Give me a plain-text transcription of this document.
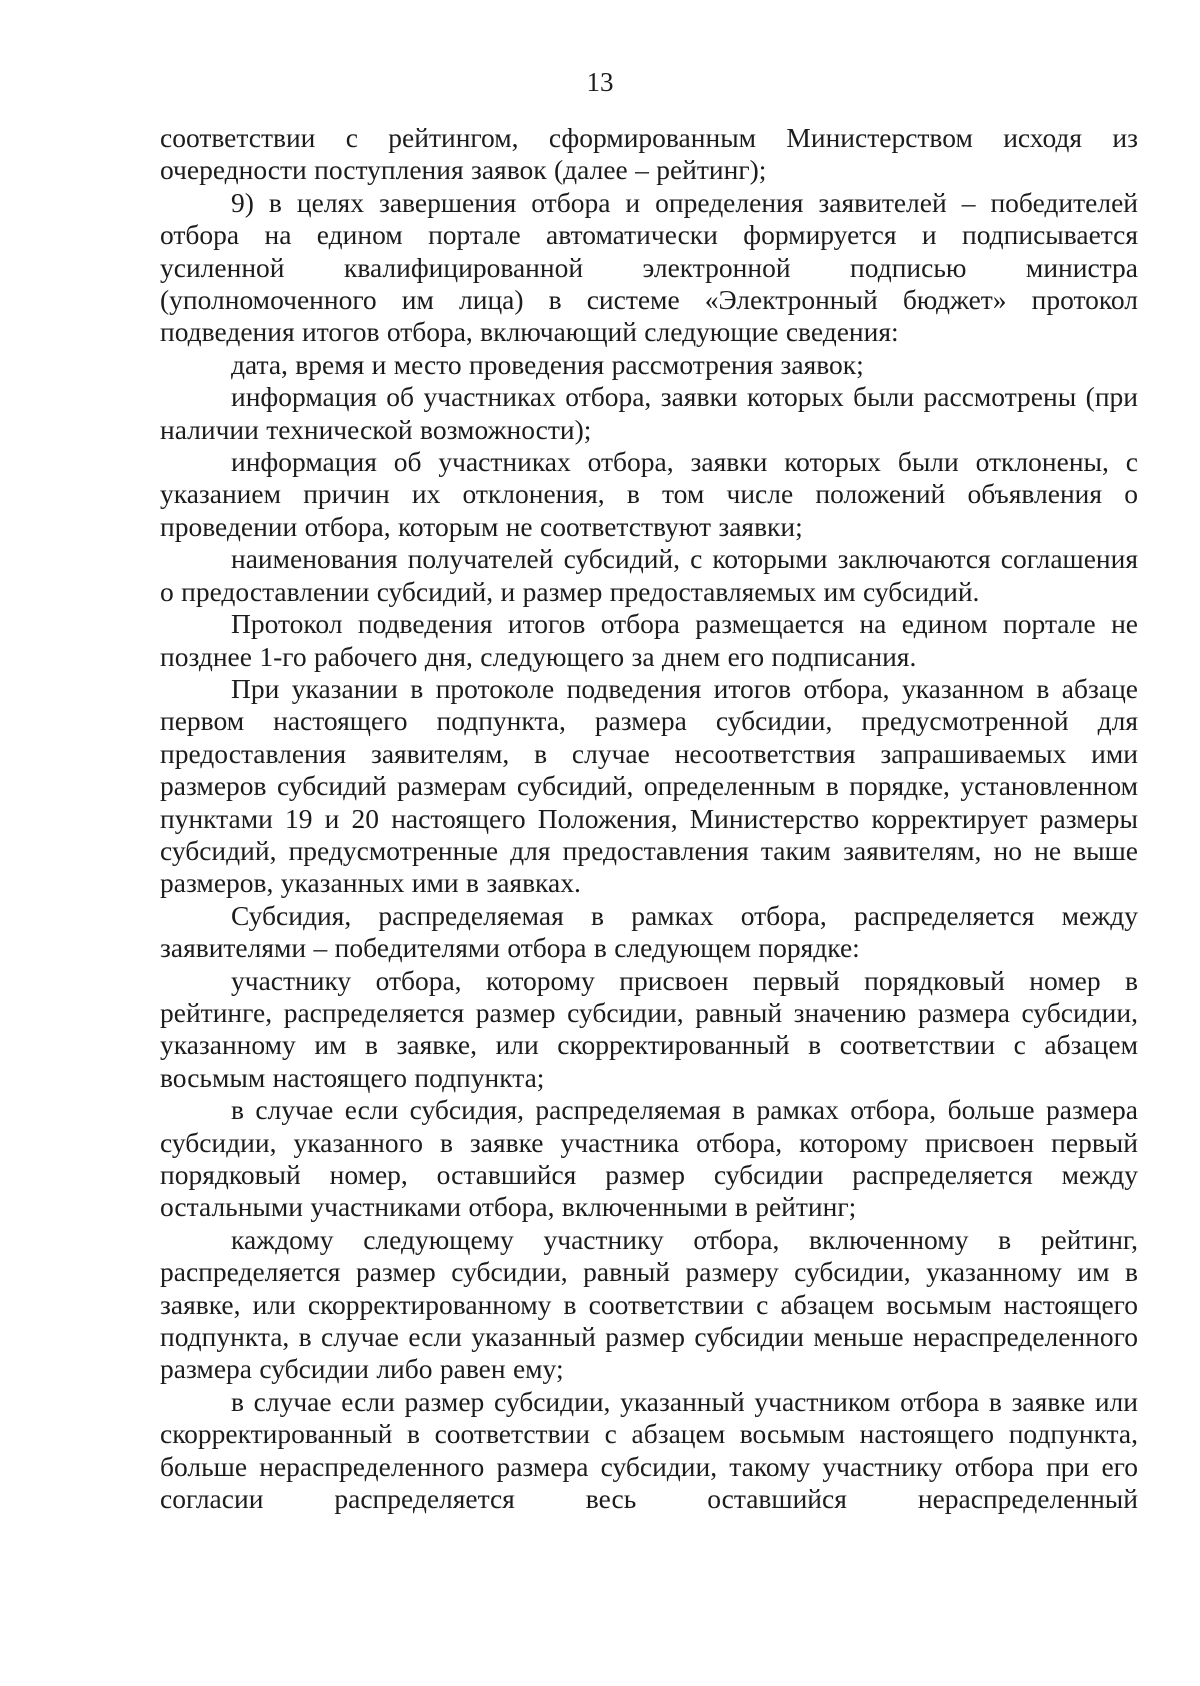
13

соответствии с рейтингом, сформированным Министерством исходя из очередности поступления заявок (далее – рейтинг);

9) в целях завершения отбора и определения заявителей – победителей отбора на едином портале автоматически формируется и подписывается усиленной квалифицированной электронной подписью министра (уполномоченного им лица) в системе «Электронный бюджет» протокол подведения итогов отбора, включающий следующие сведения:

дата, время и место проведения рассмотрения заявок;

информация об участниках отбора, заявки которых были рассмотрены (при наличии технической возможности);

информация об участниках отбора, заявки которых были отклонены, с указанием причин их отклонения, в том числе положений объявления о проведении отбора, которым не соответствуют заявки;

наименования получателей субсидий, с которыми заключаются соглашения о предоставлении субсидий, и размер предоставляемых им субсидий.

Протокол подведения итогов отбора размещается на едином портале не позднее 1-го рабочего дня, следующего за днем его подписания.

При указании в протоколе подведения итогов отбора, указанном в абзаце первом настоящего подпункта, размера субсидии, предусмотренной для предоставления заявителям, в случае несоответствия запрашиваемых ими размеров субсидий размерам субсидий, определенным в порядке, установленном пунктами 19 и 20 настоящего Положения, Министерство корректирует размеры субсидий, предусмотренные для предоставления таким заявителям, но не выше размеров, указанных ими в заявках.

Субсидия, распределяемая в рамках отбора, распределяется между заявителями – победителями отбора в следующем порядке:

участнику отбора, которому присвоен первый порядковый номер в рейтинге, распределяется размер субсидии, равный значению размера субсидии, указанному им в заявке, или скорректированный в соответствии с абзацем восьмым настоящего подпункта;

в случае если субсидия, распределяемая в рамках отбора, больше размера субсидии, указанного в заявке участника отбора, которому присвоен первый порядковый номер, оставшийся размер субсидии распределяется между остальными участниками отбора, включенными в рейтинг;

каждому следующему участнику отбора, включенному в рейтинг, распределяется размер субсидии, равный размеру субсидии, указанному им в заявке, или скорректированному в соответствии с абзацем восьмым настоящего подпункта, в случае если указанный размер субсидии меньше нераспределенного размера субсидии либо равен ему;

в случае если размер субсидии, указанный участником отбора в заявке или скорректированный в соответствии с абзацем восьмым настоящего подпункта, больше нераспределенного размера субсидии, такому участнику отбора при его согласии распределяется весь оставшийся нераспределенный
